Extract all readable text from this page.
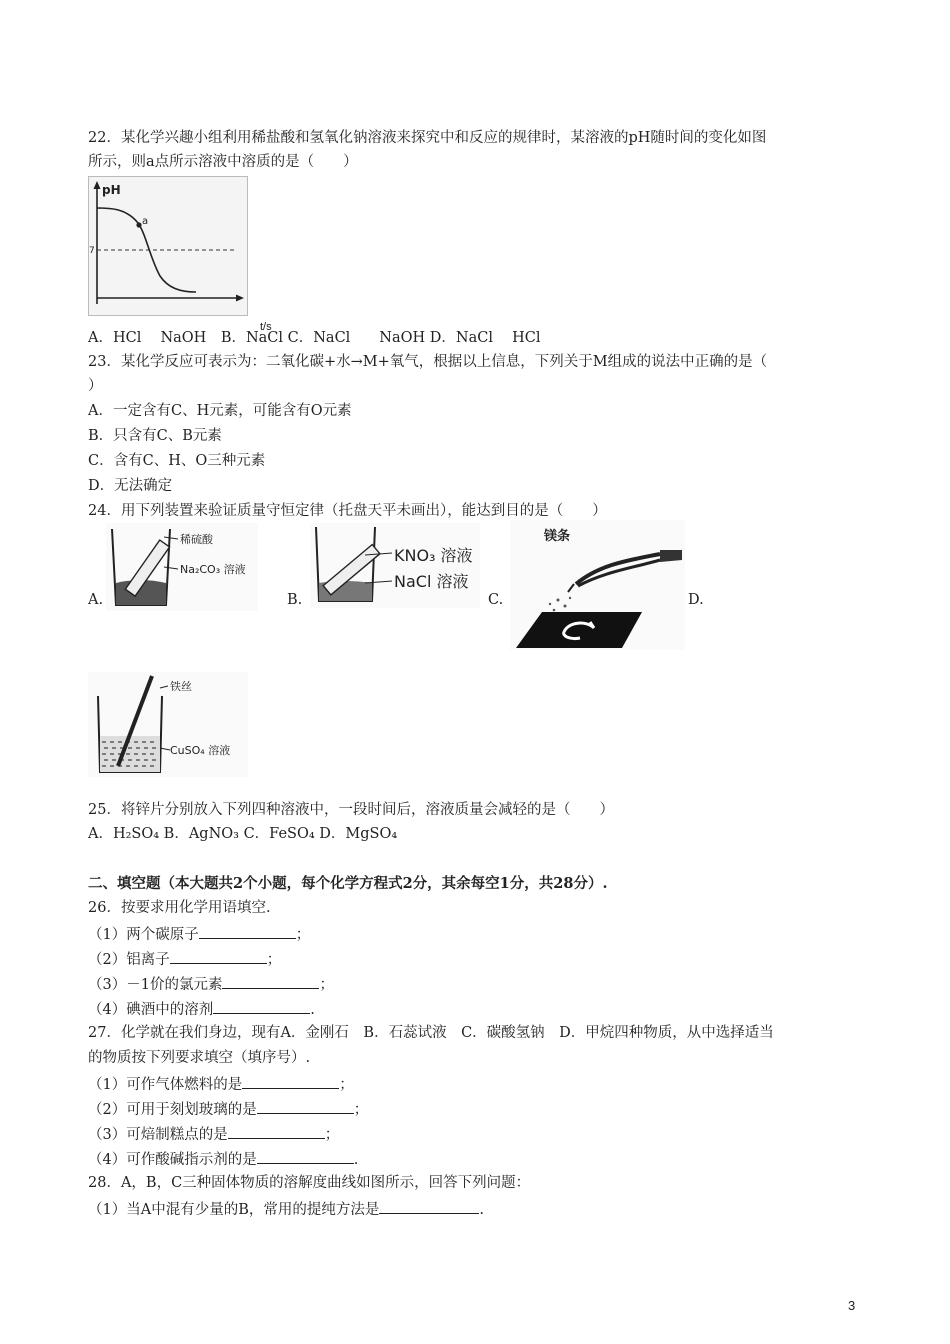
22．某化学兴趣小组利用稀盐酸和氢氧化钠溶液来探究中和反应的规律时，某溶液的pH随时间的变化如图
所示，则a点所示溶液中溶质的是（　　）
pH
7
a
t/s
A．HCl　 NaOH　B．NaCl C．NaCl　　NaOH D．NaCl　 HCl
23．某化学反应可表示为：二氧化碳+水→M+氧气，根据以上信息，下列关于M组成的说法中正确的是（
）
A．一定含有C、H元素，可能含有O元素
B．只含有C、B元素
C．含有C、H、O三种元素
D．无法确定
24．用下列装置来验证质量守恒定律（托盘天平未画出），能达到目的是（　　）
A.
稀硫酸
Na₂CO₃ 溶液
B.
KNO₃ 溶液
NaCl 溶液
C.
镁条
D.
铁丝
CuSO₄ 溶液
25．将锌片分别放入下列四种溶液中，一段时间后，溶液质量会减轻的是（　　）
A．H₂SO₄ B．AgNO₃ C．FeSO₄ D．MgSO₄
二、填空题（本大题共2个小题，每个化学方程式2分，其余每空1分，共28分）.
26．按要求用化学用语填空.
（1）两个碳原子	；
（2）铝离子	；
（3）－1价的氯元素	；
（4）碘酒中的溶剂	.
27．化学就在我们身边，现有A．金刚石　B．石蕊试液　C．碳酸氢钠　D．甲烷四种物质，从中选择适当
的物质按下列要求填空（填序号）.
（1）可作气体燃料的是	；
（2）可用于刻划玻璃的是	；
（3）可焙制糕点的是	；
（4）可作酸碱指示剂的是	.
28．A，B，C三种固体物质的溶解度曲线如图所示，回答下列问题：
（1）当A中混有少量的B，常用的提纯方法是	.
3
